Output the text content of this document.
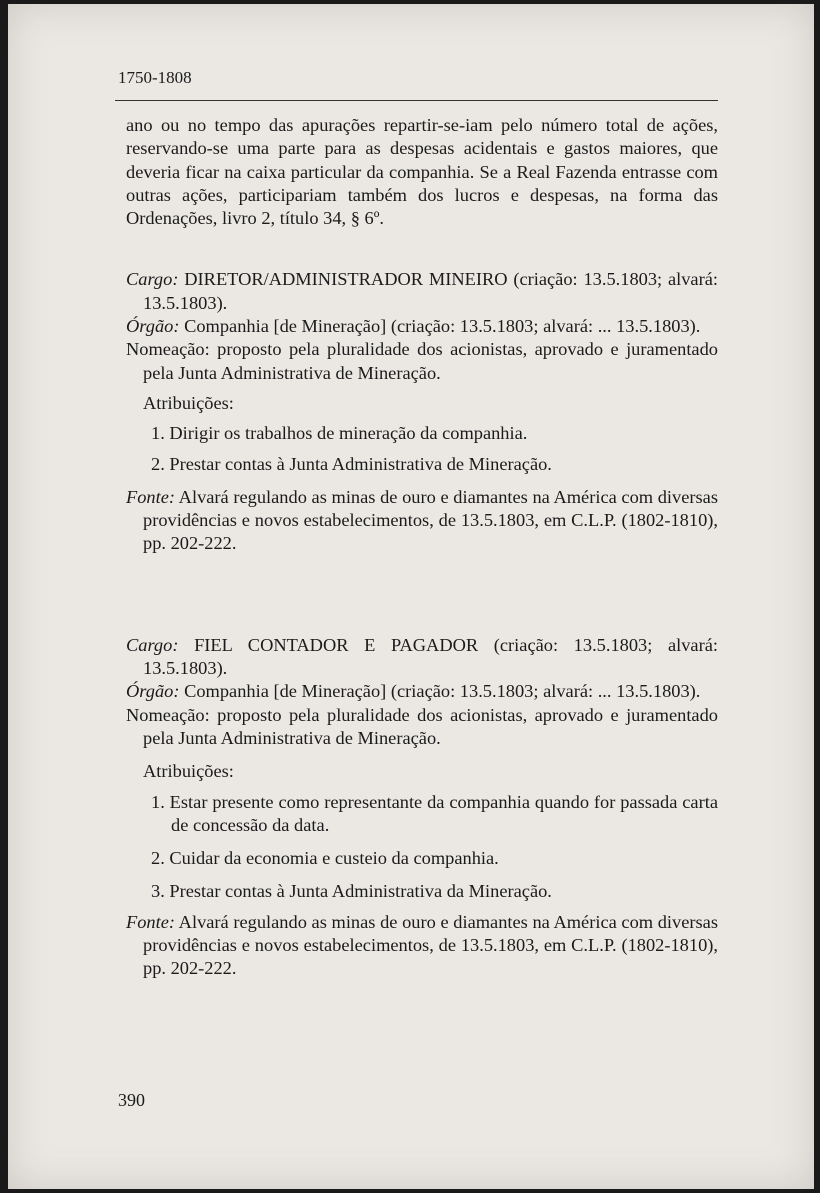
1750-1808

ano ou no tempo das apurações repartir-se-iam pelo número total de ações, reservando-se uma parte para as despesas acidentais e gastos maiores, que deveria ficar na caixa particular da companhia. Se a Real Fazenda entrasse com outras ações, participariam também dos lucros e despesas, na forma das Ordenações, livro 2, título 34, § 6º.

Cargo: DIRETOR/ADMINISTRADOR MINEIRO (criação: 13.5.1803; alvará: 13.5.1803).

Órgão: Companhia [de Mineração] (criação: 13.5.1803; alvará: ... 13.5.1803).

Nomeação: proposto pela pluralidade dos acionistas, aprovado e juramentado pela Junta Administrativa de Mineração.

Atribuições:

1. Dirigir os trabalhos de mineração da companhia.

2. Prestar contas à Junta Administrativa de Mineração.

Fonte: Alvará regulando as minas de ouro e diamantes na América com diversas providências e novos estabelecimentos, de 13.5.1803, em C.L.P. (1802-1810), pp. 202-222.

Cargo: FIEL CONTADOR E PAGADOR (criação: 13.5.1803; alvará: 13.5.1803).

Órgão: Companhia [de Mineração] (criação: 13.5.1803; alvará: ... 13.5.1803).

Nomeação: proposto pela pluralidade dos acionistas, aprovado e juramentado pela Junta Administrativa de Mineração.

Atribuições:

1. Estar presente como representante da companhia quando for passada carta de concessão da data.

2. Cuidar da economia e custeio da companhia.

3. Prestar contas à Junta Administrativa da Mineração.

Fonte: Alvará regulando as minas de ouro e diamantes na América com diversas providências e novos estabelecimentos, de 13.5.1803, em C.L.P. (1802-1810), pp. 202-222.

390
